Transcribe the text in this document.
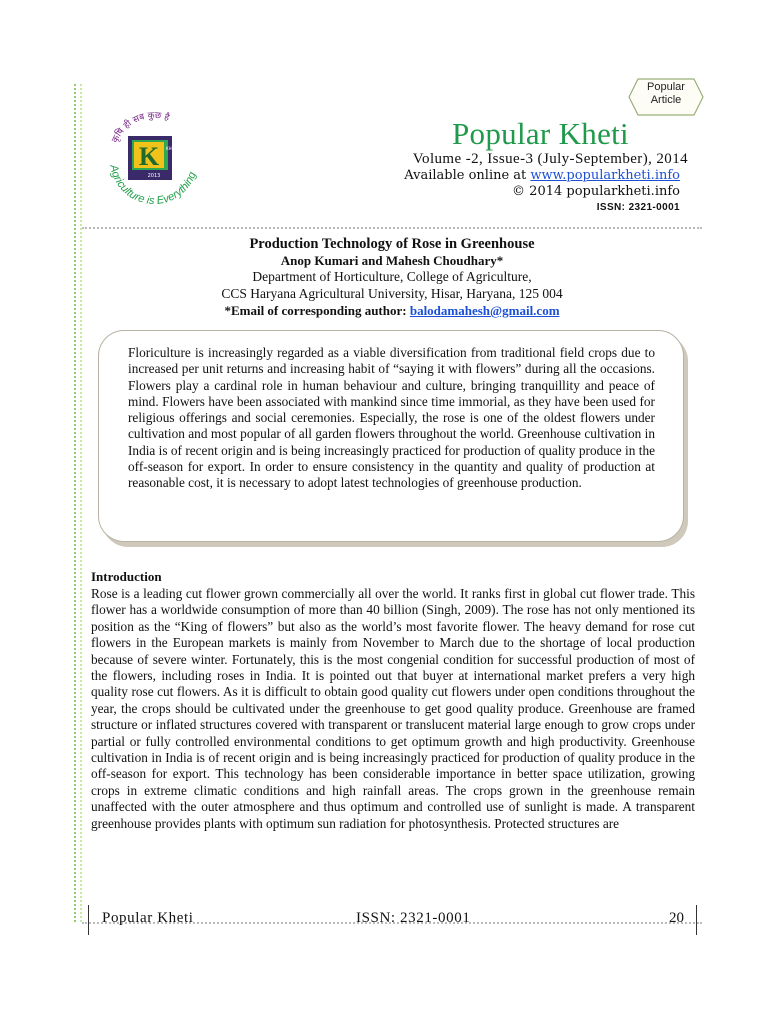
कृषि ही सब कुछ है
Agriculture is Everything
K KHETI
2013
Popular
Popular
Article
Popular Kheti
Volume -2, Issue-3 (July-September), 2014
Available online at www.popularkheti.info
© 2014 popularkheti.info
ISSN: 2321-0001
Production Technology of Rose in Greenhouse
Anop Kumari and Mahesh Choudhary*
Department of Horticulture, College of Agriculture,
CCS Haryana Agricultural University, Hisar, Haryana, 125 004
*Email of corresponding author: balodamahesh@gmail.com
Floriculture is increasingly regarded as a viable diversification from traditional field crops due to increased per unit returns and increasing habit of “saying it with flowers” during all the occasions. Flowers play a cardinal role in human behaviour and culture, bringing tranquillity and peace of mind. Flowers have been associated with mankind since time immorial, as they have been used for religious offerings and social ceremonies. Especially, the rose is one of the oldest flowers under cultivation and most popular of all garden flowers throughout the world. Greenhouse cultivation in India is of recent origin and is being increasingly practiced for production of quality produce in the off-season for export. In order to ensure consistency in the quantity and quality of production at reasonable cost, it is necessary to adopt latest technologies of greenhouse production.
Introduction
Rose is a leading cut flower grown commercially all over the world. It ranks first in global cut flower trade. This flower has a worldwide consumption of more than 40 billion (Singh, 2009). The rose has not only mentioned its position as the “King of flowers” but also as the world’s most favorite flower. The heavy demand for rose cut flowers in the European markets is mainly from November to March due to the shortage of local production because of severe winter. Fortunately, this is the most congenial condition for successful production of most of the flowers, including roses in India. It is pointed out that buyer at international market prefers a very high quality rose cut flowers. As it is difficult to obtain good quality cut flowers under open conditions throughout the year, the crops should be cultivated under the greenhouse to get good quality produce. Greenhouse are framed structure or inflated structures covered with transparent or translucent material large enough to grow crops under partial or fully controlled environmental conditions to get optimum growth and high productivity. Greenhouse cultivation in India is of recent origin and is being increasingly practiced for production of quality produce in the off-season for export. This technology has been considerable importance in better space utilization, growing crops in extreme climatic conditions and high rainfall areas. The crops grown in the greenhouse remain unaffected with the outer atmosphere and thus optimum and controlled use of sunlight is made. A transparent greenhouse provides plants with optimum sun radiation for photosynthesis. Protected structures are
Popular Kheti	ISSN: 2321-0001	20
